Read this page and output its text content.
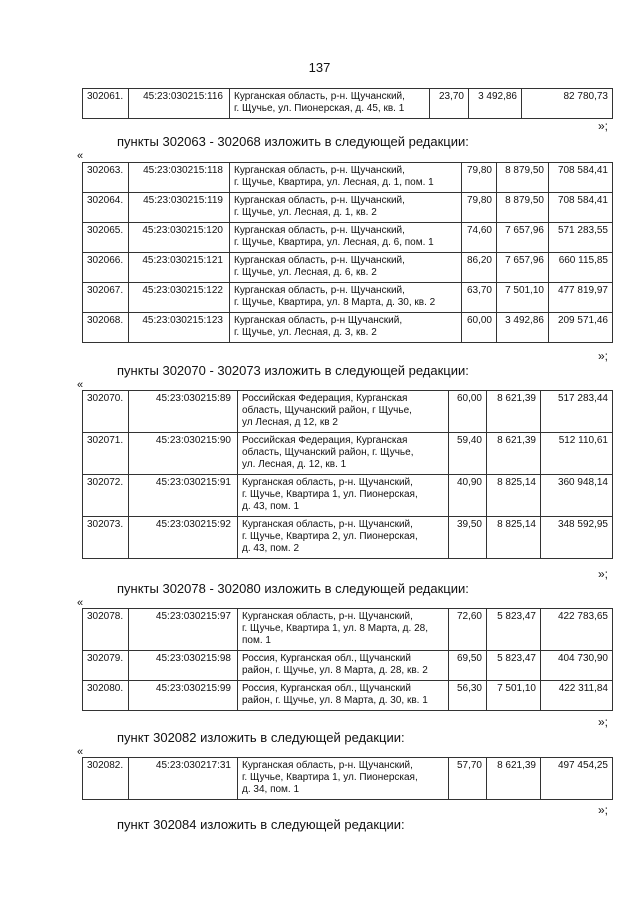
137
302061.	45:23:030215:116	Курганская область, р-н. Щучанский,
г. Щучье, ул. Пионерская, д. 45, кв. 1
	23,70	3 492,86	82 780,73
»;
пункты 302063 - 302068 изложить в следующей редакции:
«
302063.	45:23:030215:118	Курганская область, р-н. Щучанский,
г. Щучье, Квартира, ул. Лесная, д. 1, пом. 1	79,80	8 879,50	708 584,41
302064.	45:23:030215:119	Курганская область, р-н. Щучанский,
г. Щучье, ул. Лесная, д. 1, кв. 2	79,80	8 879,50	708 584,41
302065.	45:23:030215:120	Курганская область, р-н. Щучанский,
г. Щучье, Квартира, ул. Лесная, д. 6, пом. 1	74,60	7 657,96	571 283,55
302066.	45:23:030215:121	Курганская область, р-н. Щучанский,
г. Щучье, ул. Лесная, д. 6, кв. 2	86,20	7 657,96	660 115,85
302067.	45:23:030215:122	Курганская область, р-н. Щучанский,
г. Щучье, Квартира, ул. 8 Марта, д. 30, кв. 2	63,70	7 501,10	477 819,97
302068.	45:23:030215:123	Курганская область, р-н Щучанский,
г. Щучье, ул. Лесная, д. 3, кв. 2	60,00	3 492,86	209 571,46
»;
пункты 302070 - 302073 изложить в следующей редакции:
«
302070.	45:23:030215:89	Российская Федерация, Курганская
область, Щучанский район, г Щучье,
ул Лесная, д 12, кв 2	60,00	8 621,39	517 283,44
302071.	45:23:030215:90	Российская Федерация, Курганская
область, Щучанский район, г. Щучье,
ул. Лесная, д. 12, кв. 1	59,40	8 621,39	512 110,61
302072.	45:23:030215:91	Курганская область, р-н. Щучанский,
г. Щучье, Квартира 1, ул. Пионерская,
д. 43, пом. 1	40,90	8 825,14	360 948,14
302073.	45:23:030215:92	Курганская область, р-н. Щучанский,
г. Щучье, Квартира 2, ул. Пионерская,
д. 43, пом. 2	39,50	8 825,14	348 592,95
»;
пункты 302078 - 302080 изложить в следующей редакции:
«
302078.	45:23:030215:97	Курганская область, р-н. Щучанский,
г. Щучье, Квартира 1, ул. 8 Марта, д. 28,
пом. 1	72,60	5 823,47	422 783,65
302079.	45:23:030215:98	Россия, Курганская обл., Щучанский
район, г. Щучье, ул. 8 Марта, д. 28, кв. 2	69,50	5 823,47	404 730,90
302080.	45:23:030215:99	Россия, Курганская обл., Щучанский
район, г. Щучье, ул. 8 Марта, д. 30, кв. 1	56,30	7 501,10	422 311,84
»;
пункт 302082 изложить в следующей редакции:
«
302082.	45:23:030217:31	Курганская область, р-н. Щучанский,
г. Щучье, Квартира 1, ул. Пионерская,
д. 34, пом. 1
	57,70	8 621,39	497 454,25
»;
пункт 302084 изложить в следующей редакции:
